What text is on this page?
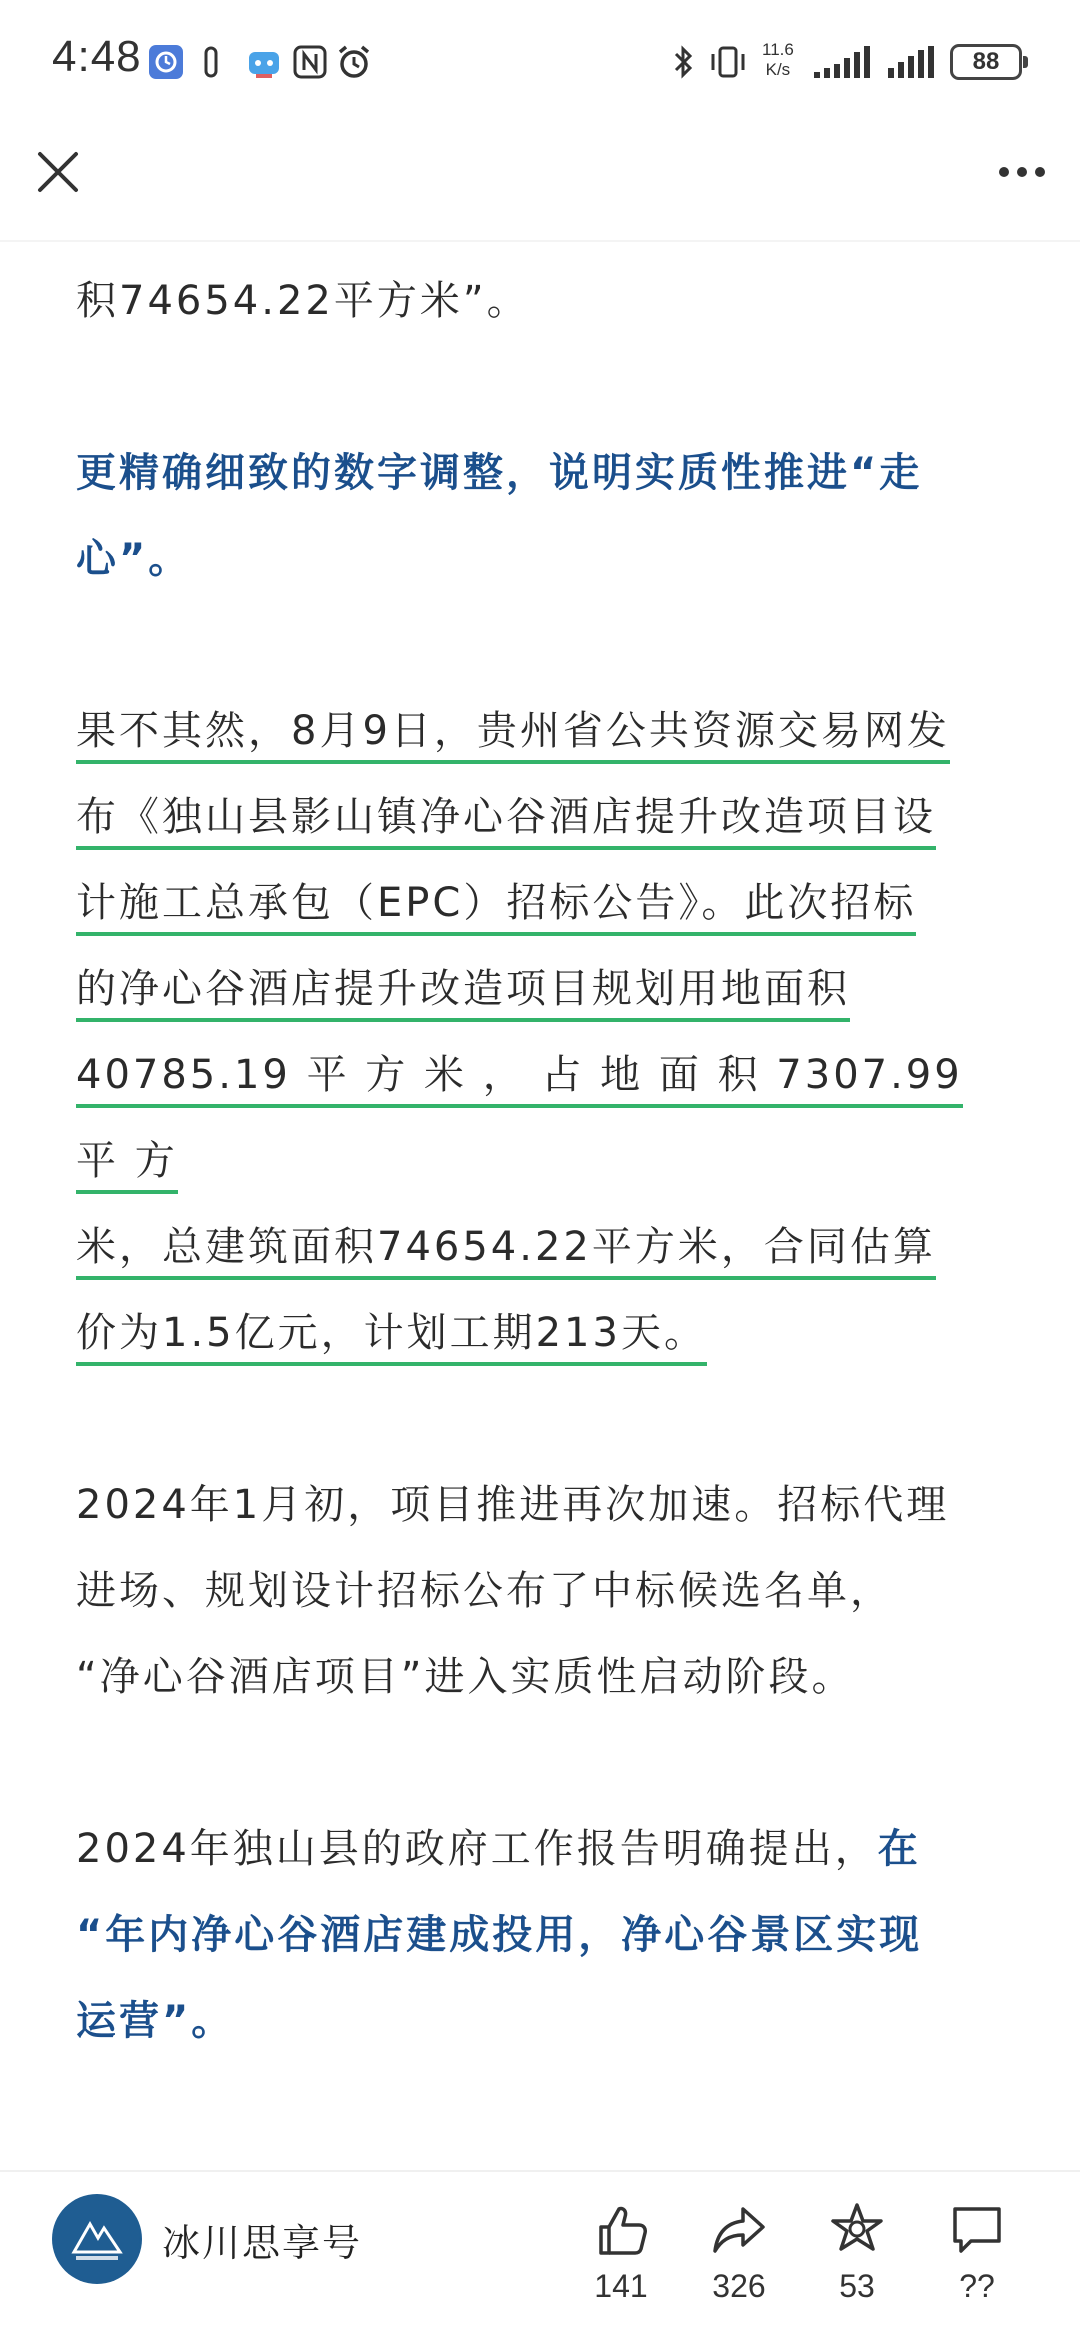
4:48	11.6
K/s	88

积74654.22平方米”。

更精确细致的数字调整，说明实质性推进“走
心”。

果不其然，8月9日，贵州省公共资源交易网发
布《独山县影山镇净心谷酒店提升改造项目设
计施工总承包（EPC）招标公告》。此次招标
的净心谷酒店提升改造项目规划用地面积
40785.19 平 方 米 ， 占 地 面 积 7307.99 平 方
米，总建筑面积74654.22平方米，合同估算
价为1.5亿元，计划工期213天。

2024年1月初，项目推进再次加速。招标代理
进场、规划设计招标公布了中标候选名单，
“净心谷酒店项目”进入实质性启动阶段。

2024年独山县的政府工作报告明确提出，在
“年内净心谷酒店建成投用，净心谷景区实现
运营”。

冰川思享号
141	326	53	??
